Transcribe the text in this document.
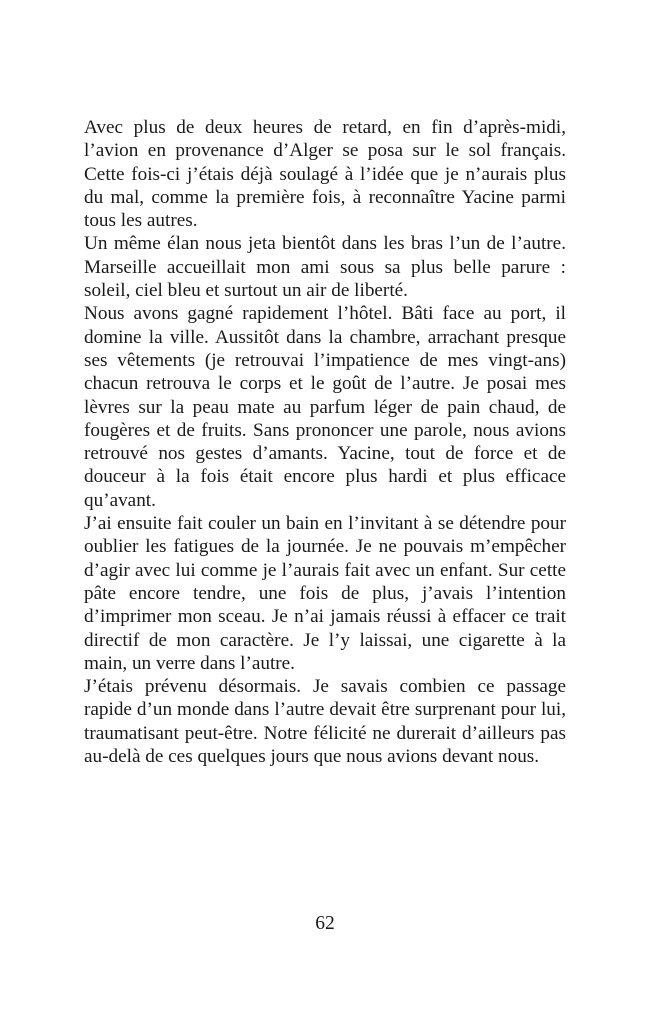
Avec plus de deux heures de retard, en fin d’après-midi, l’avion en provenance d’Alger se posa sur le sol français. Cette fois-ci j’étais déjà soulagé à l’idée que je n’aurais plus du mal, comme la première fois, à reconnaître Yacine parmi tous les autres.

Un même élan nous jeta bientôt dans les bras l’un de l’autre. Marseille accueillait mon ami sous sa plus belle parure : soleil, ciel bleu et surtout un air de liberté.

Nous avons gagné rapidement l’hôtel. Bâti face au port, il domine la ville. Aussitôt dans la chambre, arrachant presque ses vêtements (je retrouvai l’impatience de mes vingt-ans) chacun retrouva le corps et le goût de l’autre. Je posai mes lèvres sur la peau mate au parfum léger de pain chaud, de fougères et de fruits. Sans prononcer une parole, nous avions retrouvé nos gestes d’amants. Yacine, tout de force et de douceur à la fois était encore plus hardi et plus efficace qu’avant.

J’ai ensuite fait couler un bain en l’invitant à se détendre pour oublier les fatigues de la journée. Je ne pouvais m’empêcher d’agir avec lui comme je l’aurais fait avec un enfant. Sur cette pâte encore tendre, une fois de plus, j’avais l’intention d’imprimer mon sceau. Je n’ai jamais réussi à effacer ce trait directif de mon caractère. Je l’y laissai, une cigarette à la main, un verre dans l’autre.

J’étais prévenu désormais. Je savais combien ce passage rapide d’un monde dans l’autre devait être surprenant pour lui, traumatisant peut-être. Notre félicité ne durerait d’ailleurs pas au-delà de ces quelques jours que nous avions devant nous.

62
